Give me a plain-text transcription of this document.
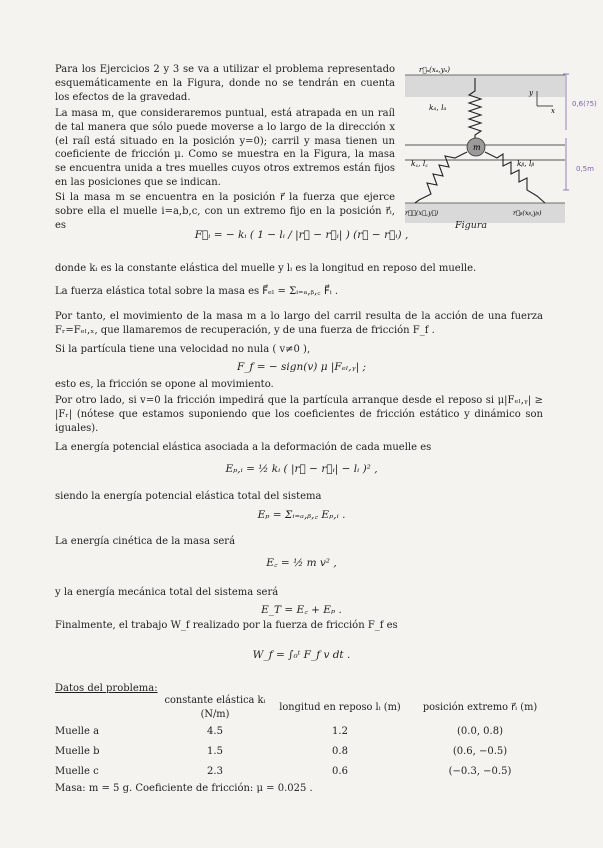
Para los Ejercicios 2 y 3 se va a utilizar el problema representado esquemáticamente en la Figura, donde no se tendrán en cuenta los efectos de la gravedad.
La masa m, que consideraremos puntual, está atrapada en un raíl de tal manera que sólo puede moverse a lo largo de la dirección x (el raíl está situado en la posición y=0); carril y masa tienen un coeficiente de fricción μ. Como se muestra en la Figura, la masa se encuentra unida a tres muelles cuyos otros extremos están fijos en las posiciones que se indican.
Si la masa m se encuentra en la posición r⃗ la fuerza que ejerce sobre ella el muelle i=a,b,c, con un extremo fijo en la posición r⃗ᵢ, es
F⃗ᵢ = − kᵢ ( 1 − lᵢ / |r⃗ − r⃗ᵢ| ) (r⃗ − r⃗ᵢ) ,
donde kᵢ es la constante elástica del muelle y lᵢ es la longitud en reposo del muelle.
La fuerza elástica total sobre la masa es F⃗ₑₗ = Σᵢ₌ₐ,ᵦ,꜀ F⃗ᵢ .
Por tanto, el movimiento de la masa m a lo largo del carril resulta de la acción de una fuerza Fᵣ=Fₑₗ,ₓ, que llamaremos de recuperación, y de una fuerza de fricción F_f .
Si la partícula tiene una velocidad no nula ( v≠0 ),
F_f = − sign(v) μ |Fₑₗ,ᵧ| ;
esto es, la fricción se opone al movimiento.
Por otro lado, si v=0 la fricción impedirá que la partícula arranque desde el reposo si μ|Fₑₗ,ᵧ| ≥ |Fᵣ| (nótese que estamos suponiendo que los coeficientes de fricción estático y dinámico son iguales).
La energía potencial elástica asociada a la deformación de cada muelle es
Eₚ,ᵢ = ½ kᵢ ( |r⃗ − r⃗ᵢ| − lᵢ )² ,
siendo la energía potencial elástica total del sistema
Eₚ = Σᵢ₌ₐ,ᵦ,꜀ Eₚ,ᵢ .
La energía cinética de la masa será
E꜀ = ½ m v² ,
y la energía mecánica total del sistema será
E_T = E꜀ + Eₚ .
Finalmente, el trabajo W_f realizado por la fuerza de fricción F_f es
W_f = ∫₀ᵗ F_f v dt .
Datos del problema:
	constante elástica kᵢ (N/m)	longitud en reposo lᵢ (m)	posición extremo r⃗ᵢ (m)
Muelle a	4.5	1.2	(0.0, 0.8)
Muelle b	1.5	0.8	(0.6, −0.5)
Muelle c	2.3	0.6	(−0.3, −0.5)
Masa: m = 5 g. Coeficiente de fricción: μ = 0.025 .
m
r⃗ₐ(xₐ,yₐ)
kₐ, lₐ
k꜀, l꜀	kᵦ, lᵦ
r⃗꜀(x꜀,y꜀)	r⃗ᵦ(xᵦ,yᵦ)
y
x
Figura
0,6(?5)
0,5m
